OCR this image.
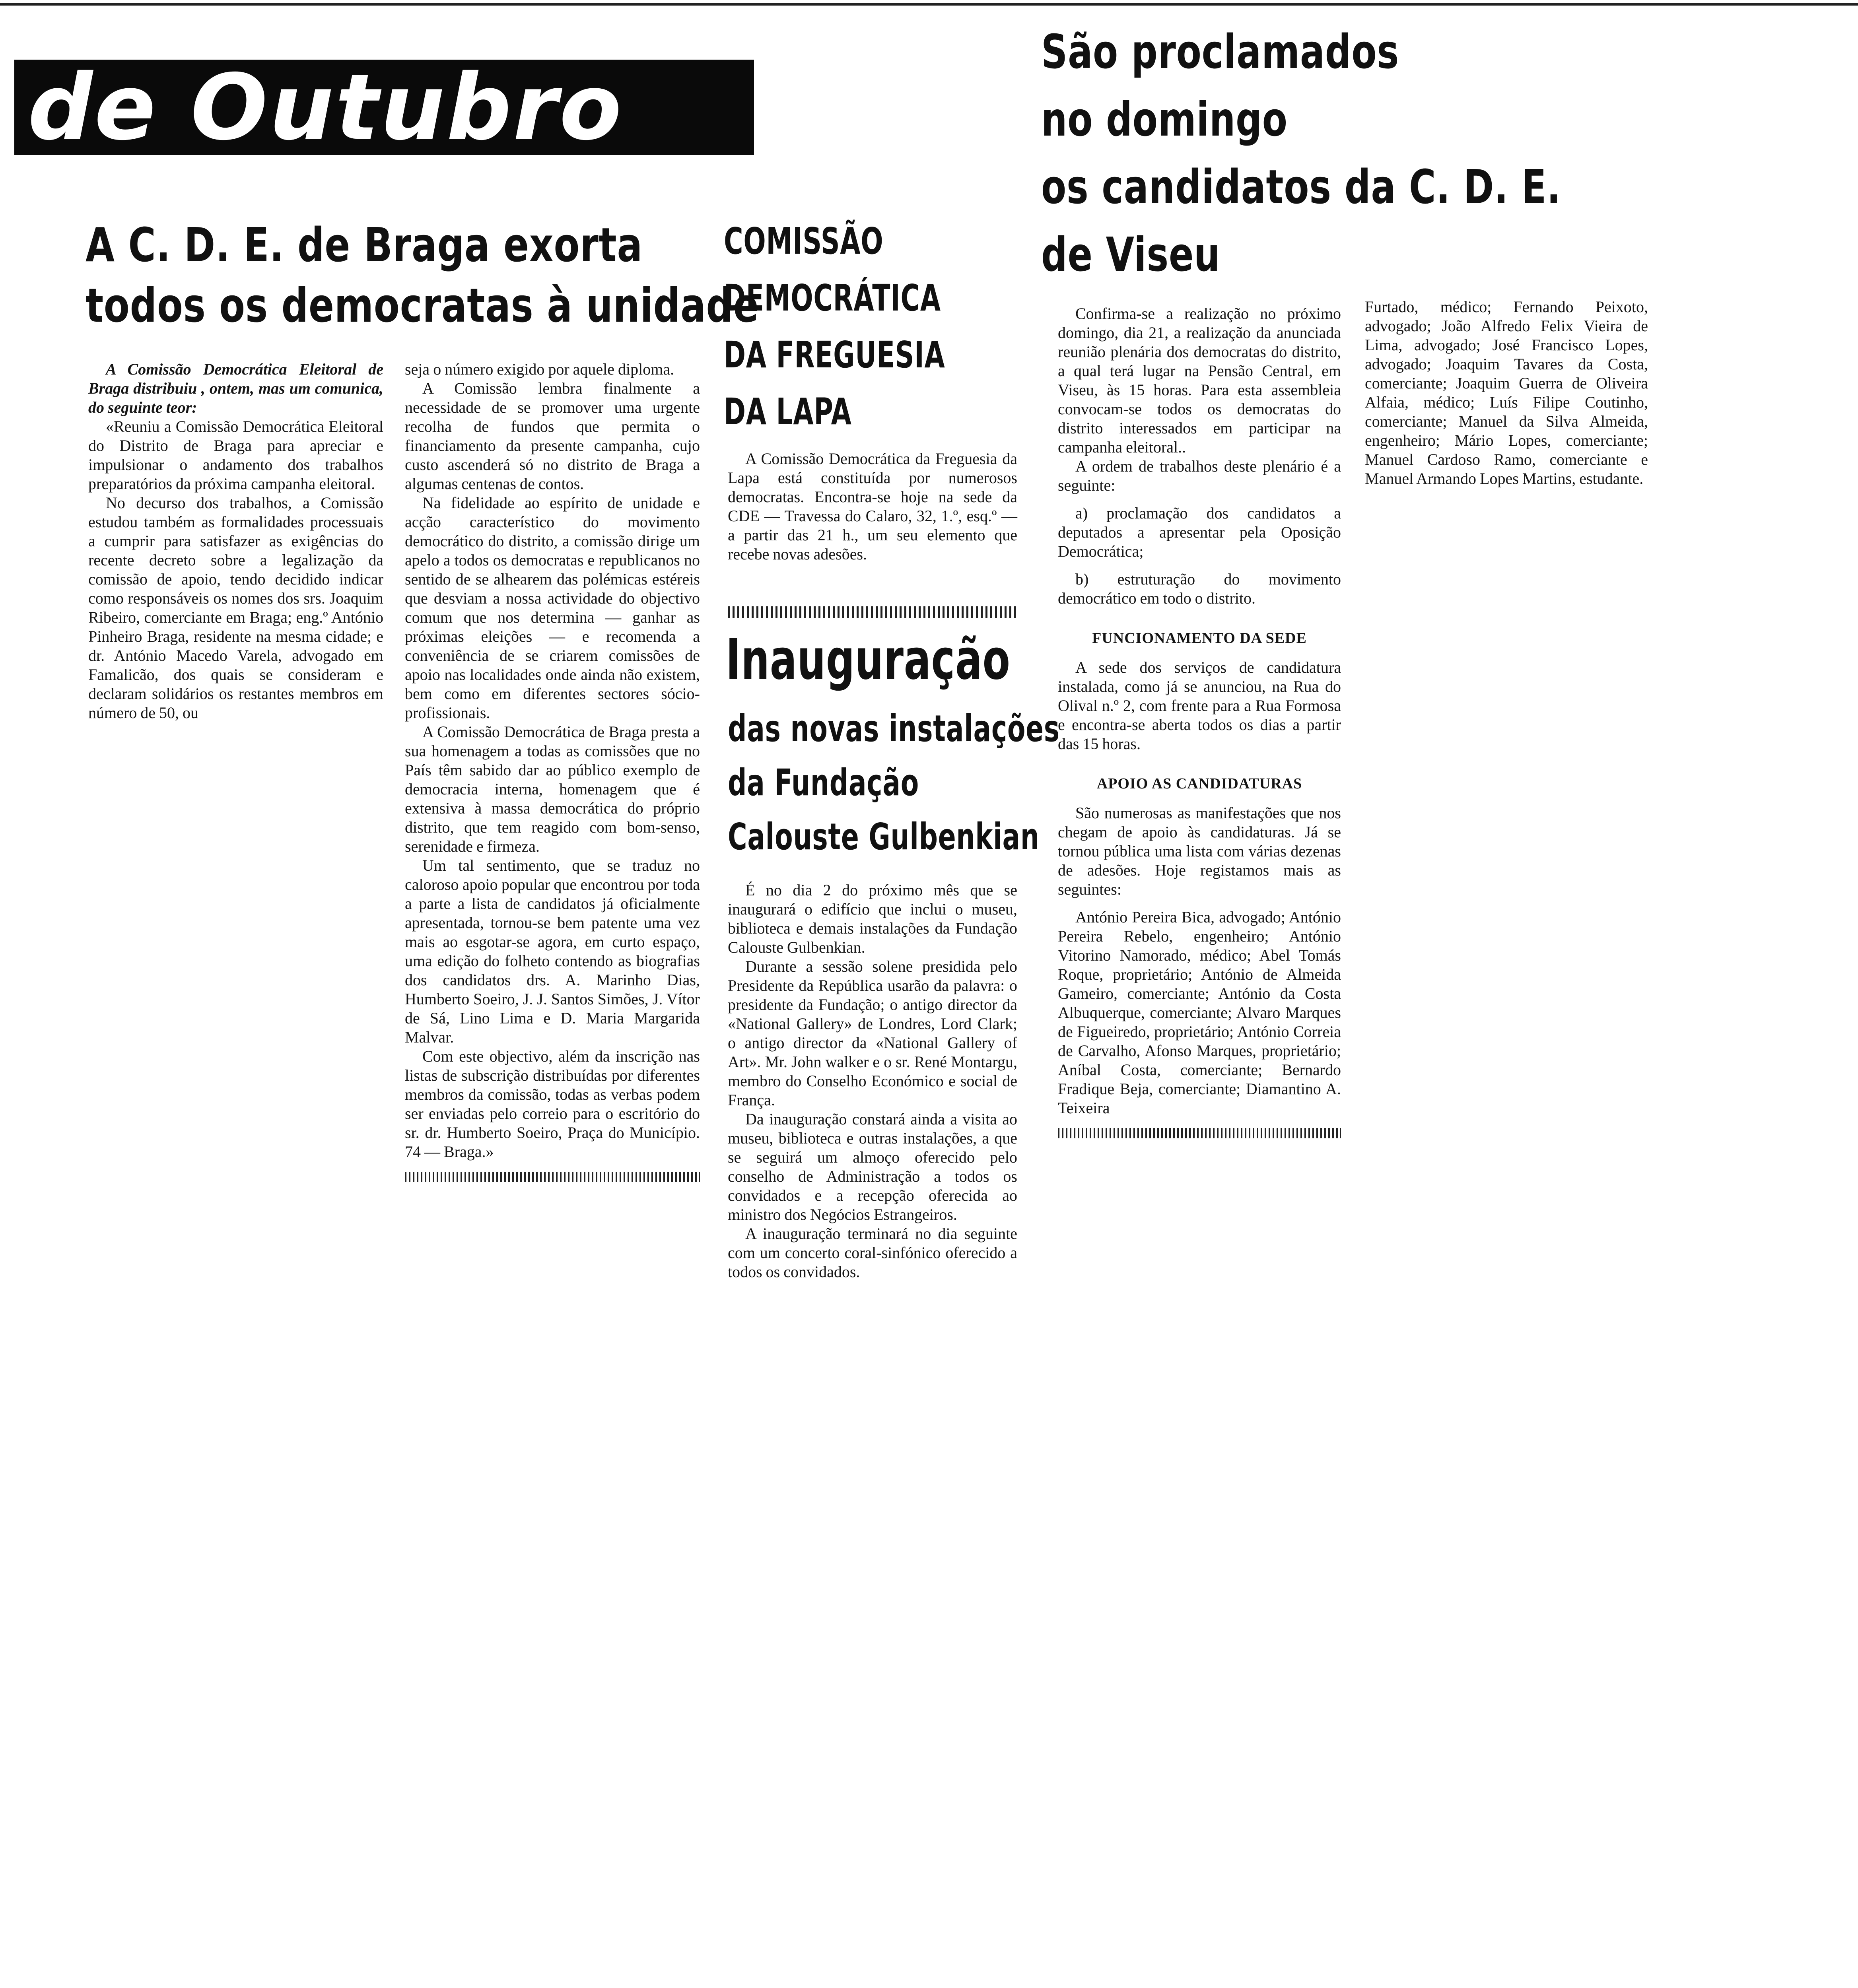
de Outubro
A C. D. E. de Braga exorta
todos os democratas à unidade

A Comissão Democrática Eleitoral de Braga distribuiu , ontem, mas um comunica, do seguinte teor:

«Reuniu a Comissão Democrática Eleitoral do Distrito de Braga para apreciar e impulsionar o andamento dos trabalhos preparatórios da próxima campanha eleitoral.

No decurso dos trabalhos, a Comissão estudou também as formalidades processuais a cumprir para satisfazer as exigências do recente decreto sobre a legalização da comissão de apoio, tendo decidido indicar como responsáveis os nomes dos srs. Joaquim Ribeiro, comerciante em Braga; eng.º António Pinheiro Braga, residente na mesma cidade; e dr. António Macedo Varela, advogado em Famalicão, dos quais se consideram e declaram solidários os restantes membros em número de 50, ou

seja o número exigido por aquele diploma.

A Comissão lembra finalmente a necessidade de se promover uma urgente recolha de fundos que permita o financiamento da presente campanha, cujo custo ascenderá só no distrito de Braga a algumas centenas de contos.

Na fidelidade ao espírito de unidade e acção característico do movimento democrático do distrito, a comissão dirige um apelo a todos os democratas e republicanos no sentido de se alhearem das polémicas estéreis que desviam a nossa actividade do objectivo comum que nos determina — ganhar as próximas eleições — e recomenda a conveniência de se criarem comissões de apoio nas localidades onde ainda não existem, bem como em diferentes sectores sócio-profissionais.

A Comissão Democrática de Braga presta a sua homenagem a todas as comissões que no País têm sabido dar ao público exemplo de democracia interna, homenagem que é extensiva à massa democrática do próprio distrito, que tem reagido com bom-senso, serenidade e firmeza.

Um tal sentimento, que se traduz no caloroso apoio popular que encontrou por toda a parte a lista de candidatos já oficialmente apresentada, tornou-se bem patente uma vez mais ao esgotar-se agora, em curto espaço, uma edição do folheto contendo as biografias dos candidatos drs. A. Marinho Dias, Humberto Soeiro, J. J. Santos Simões, J. Vítor de Sá, Lino Lima e D. Maria Margarida Malvar.

Com este objectivo, além da inscrição nas listas de subscrição distribuídas por diferentes membros da comissão, todas as verbas podem ser enviadas pelo correio para o escritório do sr. dr. Humberto Soeiro, Praça do Município. 74 — Braga.»

COMISSÃO
DEMOCRÁTICA
DA FREGUESIA
DA LAPA

A Comissão Democrática da Freguesia da Lapa está constituída por numerosos democratas. Encontra-se hoje na sede da CDE — Travessa do Calaro, 32, 1.º, esq.º — a partir das 21 h., um seu elemento que recebe novas adesões.

Inauguração
das novas instalações
da Fundação
Calouste Gulbenkian

É no dia 2 do próximo mês que se inaugurará o edifício que inclui o museu, biblioteca e demais instalações da Fundação Calouste Gulbenkian.

Durante a sessão solene presidida pelo Presidente da República usarão da palavra: o presidente da Fundação; o antigo director da «National Gallery» de Londres, Lord Clark; o antigo director da «National Gallery of Art». Mr. John walker e o sr. René Montargu, membro do Conselho Económico e social de França.

Da inauguração constará ainda a visita ao museu, biblioteca e outras instalações, a que se seguirá um almoço oferecido pelo conselho de Administração a todos os convidados e a recepção oferecida ao ministro dos Negócios Estrangeiros.

A inauguração terminará no dia seguinte com um concerto coral-sinfónico oferecido a todos os convidados.

São proclamados
no domingo
os candidatos da C. D. E.
de Viseu

Confirma-se a realização no próximo domingo, dia 21, a realização da anunciada reunião plenária dos democratas do distrito, a qual terá lugar na Pensão Central, em Viseu, às 15 horas. Para esta assembleia convocam-se todos os democratas do distrito interessados em participar na campanha eleitoral..

A ordem de trabalhos deste plenário é a seguinte:

a) proclamação dos candidatos a deputados a apresentar pela Oposição Democrática;

b) estruturação do movimento democrático em todo o distrito.

FUNCIONAMENTO DA SEDE

A sede dos serviços de candidatura instalada, como já se anunciou, na Rua do Olival n.º 2, com frente para a Rua Formosa e encontra-se aberta todos os dias a partir das 15 horas.

APOIO AS CANDIDATURAS

São numerosas as manifestações que nos chegam de apoio às candidaturas. Já se tornou pública uma lista com várias dezenas de adesões. Hoje registamos mais as seguintes:

António Pereira Bica, advogado; António Pereira Rebelo, engenheiro; António Vitorino Namorado, médico; Abel Tomás Roque, proprietário; António de Almeida Gameiro, comerciante; António da Costa Albuquerque, comerciante; Alvaro Marques de Figueiredo, proprietário; António Correia de Carvalho, Afonso Marques, proprietário; Aníbal Costa, comerciante; Bernardo Fradique Beja, comerciante; Diamantino A. Teixeira

Furtado, médico; Fernando Peixoto, advogado; João Alfredo Felix Vieira de Lima, advogado; José Francisco Lopes, advogado; Joaquim Tavares da Costa, comerciante; Joaquim Guerra de Oliveira Alfaia, médico; Luís Filipe Coutinho, comerciante; Manuel da Silva Almeida, engenheiro; Mário Lopes, comerciante; Manuel Cardoso Ramo, comerciante e Manuel Armando Lopes Martins, estudante.
